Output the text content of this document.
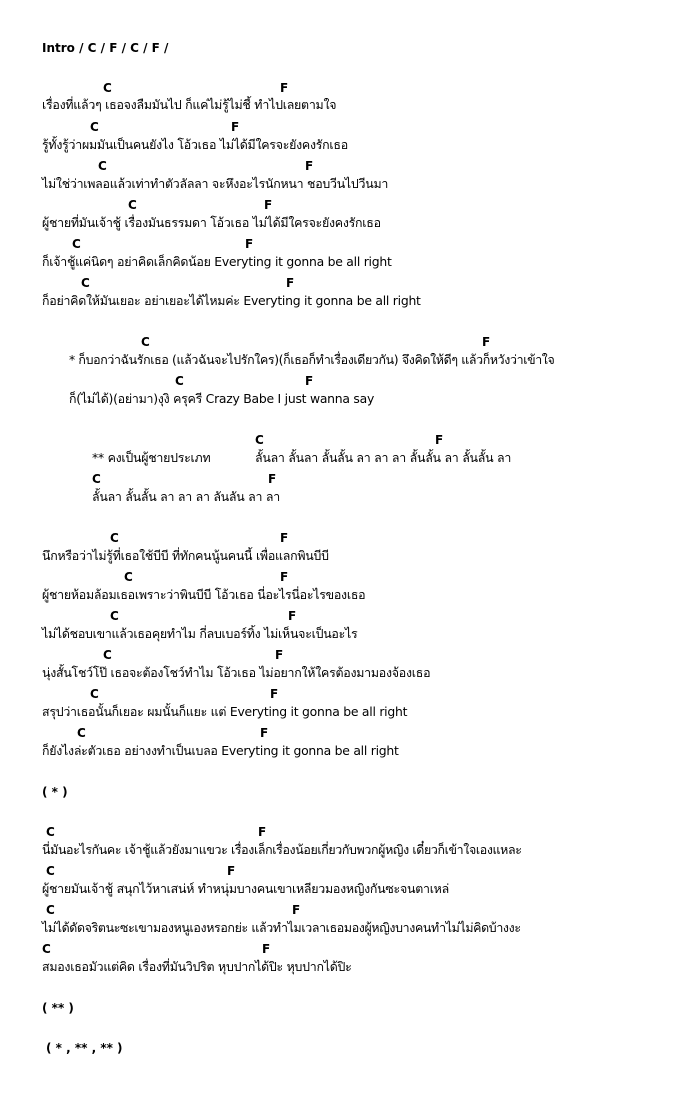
Intro / C / F / C / F /
C	F
เรื่องที่แล้วๆ เธอจงลืมมันไป ก็แค่ไม่รู้ไม่ชี้ ทำไปเลยตามใจ
C	F
รู้ทั้งรู้ว่าผมมันเป็นคนยังไง โอ้วเธอ ไม่ได้มีใครจะยังคงรักเธอ
C	F
ไม่ใช่ว่าเพลอแล้วเท่าทำตัวลัลลา จะหึงอะไรนักหนา ชอบวีนไปวีนมา
C	F
ผู้ชายที่มันเจ้าชู้ เรื่องมันธรรมดา โอ้วเธอ ไม่ได้มีใครจะยังคงรักเธอ
C	F
ก็เจ้าชู้แค่นิดๆ อย่าคิดเล็กคิดน้อย Everyting it gonna be all right
C	F
ก็อย่าคิดให้มันเยอะ อย่าเยอะได้ไหมค่ะ Everyting it gonna be all right
C	F
* ก็บอกว่าฉันรักเธอ (แล้วฉันจะไปรักใคร)(ก็เธอก็ทำเรื่องเดียวกัน) จึงคิดให้ดีๆ แล้วก็หวังว่าเข้าใจ
C	F
ก็(ไม่ได้)(อย่ามา)งุงิ ครุครี Crazy Babe I just wanna say
C	F
** คงเป็นผู้ชายประเภท	ลั้นลา ลั้นลา ลั้นลั้น ลา ลา ลา ลั้นลั้น ลา ลั้นลั้น ลา
C	F
ลั้นลา ลั้นลั้น ลา ลา ลา ลันลัน ลา ลา
C	F
นึกหรือว่าไม่รู้ที่เธอใช้บีบี ที่ทักคนนู้นคนนี้ เพื่อแลกพินบีบี
C	F
ผู้ชายห้อมล้อมเธอเพราะว่าพินบีบี โอ้วเธอ นี่อะไรนี่อะไรของเธอ
C	F
ไม่ได้ชอบเขาแล้วเธอคุยทำไม กี่ลบเบอร์ทิ้ง ไม่เห็นจะเป็นอะไร
C	F
นุ่งสั้นโชว์โป๊ เธอจะต้องโชว์ทำไม โอ้วเธอ ไม่อยากให้ใครต้องมามองจ้องเธอ
C	F
สรุปว่าเธอนั้นก็เยอะ ผมนั้นก็แยะ แต่ Everyting it gonna be all right
C	F
ก็ยังไงล่ะตัวเธอ อย่างงทำเป็นเบลอ Everyting it gonna be all right
( * )
C	F
นี่มันอะไรกันคะ เจ้าชู้แล้วยังมาแขวะ เรื่องเล็กเรื่องน้อยเกี่ยวกับพวกผู้หญิง เดี๋ยวก็เข้าใจเองแหละ
C	F
ผู้ชายมันเจ้าชู้ สนุกไว้หาเสน่ห์ ทำหนุ่มบางคนเขาเหลียวมองหญิงกันซะจนตาเหล่
C	F
ไม่ได้ดัดจริตนะซะเขามองหนูเองหรอกย่ะ แล้วทำไมเวลาเธอมองผู้หญิงบางคนทำไม่ไม่คิดบ้างงะ
C	F
สมองเธอมัวแต่คิด เรื่องที่มันวิปริต หุบปากได้ปิะ หุบปากได้ปิะ
( ** )
( * , ** , ** )
